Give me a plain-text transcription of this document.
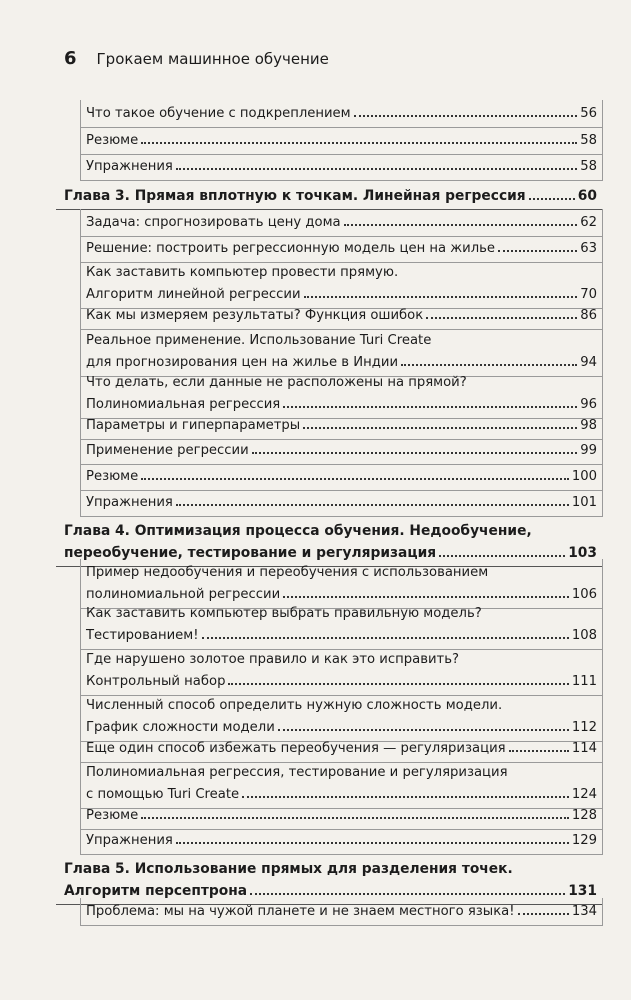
6 Грокаем машинное обучение
Что такое обучение с подкреплением	56
Резюме	58
Упражнения	58
Глава 3. Прямая вплотную к точкам. Линейная регрессия	60
Задача: спрогнозировать цену дома	62
Решение: построить регрессионную модель цен на жилье	63
Как заставить компьютер провести прямую.
Алгоритм линейной регрессии	70
Как мы измеряем результаты? Функция ошибок	86
Реальное применение. Использование Turi Create
для прогнозирования цен на жилье в Индии	94
Что делать, если данные не расположены на прямой?
Полиномиальная регрессия	96
Параметры и гиперпараметры	98
Применение регрессии	99
Резюме	100
Упражнения	101
Глава 4. Оптимизация процесса обучения. Недообучение,
переобучение, тестирование и регуляризация	103
Пример недообучения и переобучения с использованием
полиномиальной регрессии	106
Как заставить компьютер выбрать правильную модель?
Тестированием!	108
Где нарушено золотое правило и как это исправить?
Контрольный набор	111
Численный способ определить нужную сложность модели.
График сложности модели	112
Еще один способ избежать переобучения — регуляризация	114
Полиномиальная регрессия, тестирование и регуляризация
с помощью Turi Create	124
Резюме	128
Упражнения	129
Глава 5. Использование прямых для разделения точек.
Алгоритм персептрона	131
Проблема: мы на чужой планете и не знаем местного языка!	134
